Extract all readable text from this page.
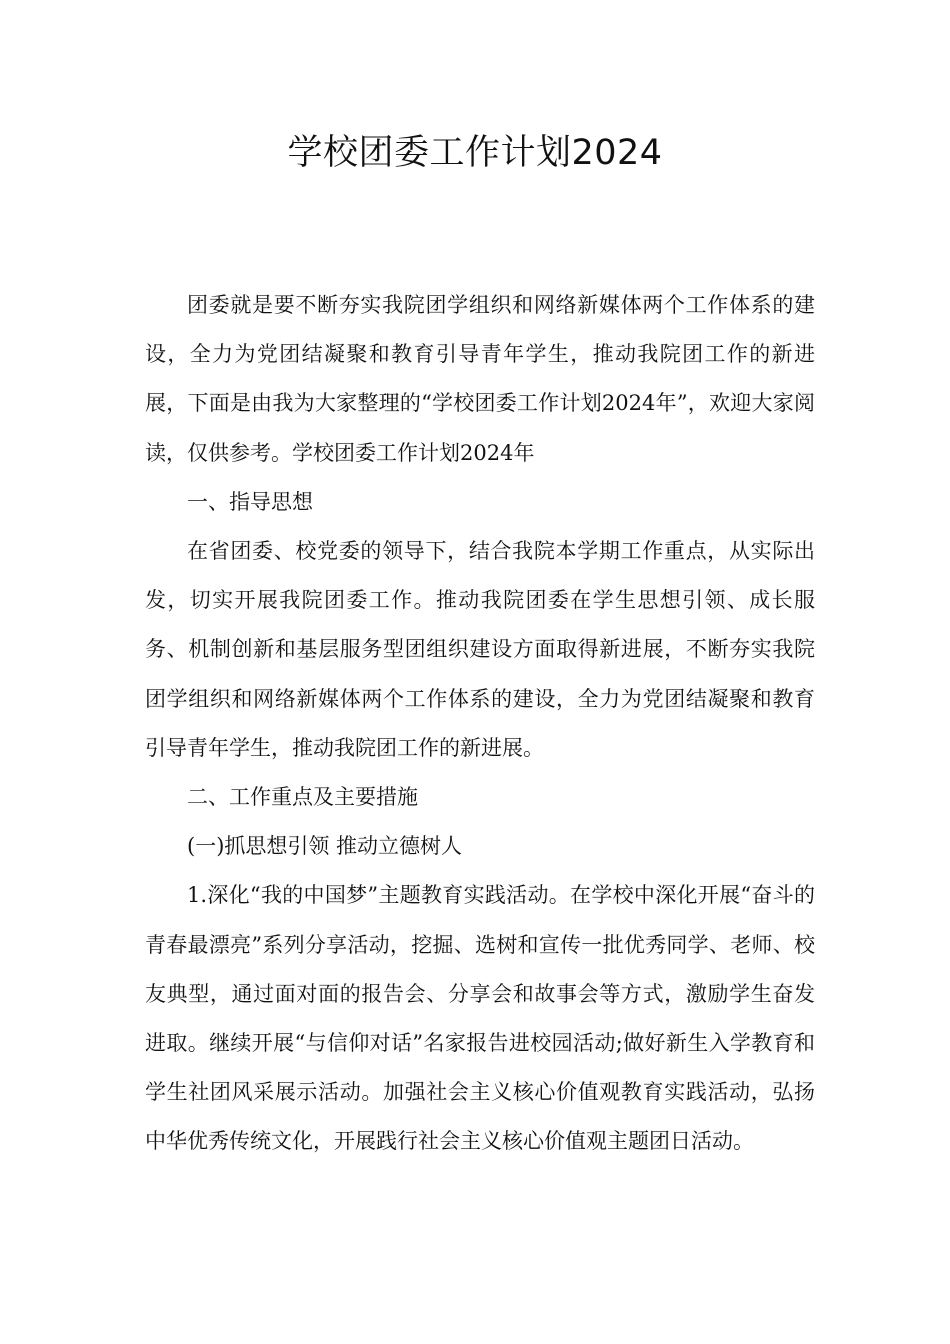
学校团委工作计划2024

团委就是要不断夯实我院团学组织和网络新媒体两个工作体系的建设，全力为党团结凝聚和教育引导青年学生，推动我院团工作的新进展，下面是由我为大家整理的“学校团委工作计划2024年”，欢迎大家阅读，仅供参考。学校团委工作计划2024年

一、指导思想

在省团委、校党委的领导下，结合我院本学期工作重点，从实际出发，切实开展我院团委工作。推动我院团委在学生思想引领、成长服务、机制创新和基层服务型团组织建设方面取得新进展，不断夯实我院团学组织和网络新媒体两个工作体系的建设，全力为党团结凝聚和教育引导青年学生，推动我院团工作的新进展。

二、工作重点及主要措施

(一)抓思想引领 推动立德树人

1.深化“我的中国梦”主题教育实践活动。在学校中深化开展“奋斗的青春最漂亮”系列分享活动，挖掘、选树和宣传一批优秀同学、老师、校友典型，通过面对面的报告会、分享会和故事会等方式，激励学生奋发进取。继续开展“与信仰对话”名家报告进校园活动;做好新生入学教育和学生社团风采展示活动。加强社会主义核心价值观教育实践活动，弘扬中华优秀传统文化，开展践行社会主义核心价值观主题团日活动。
